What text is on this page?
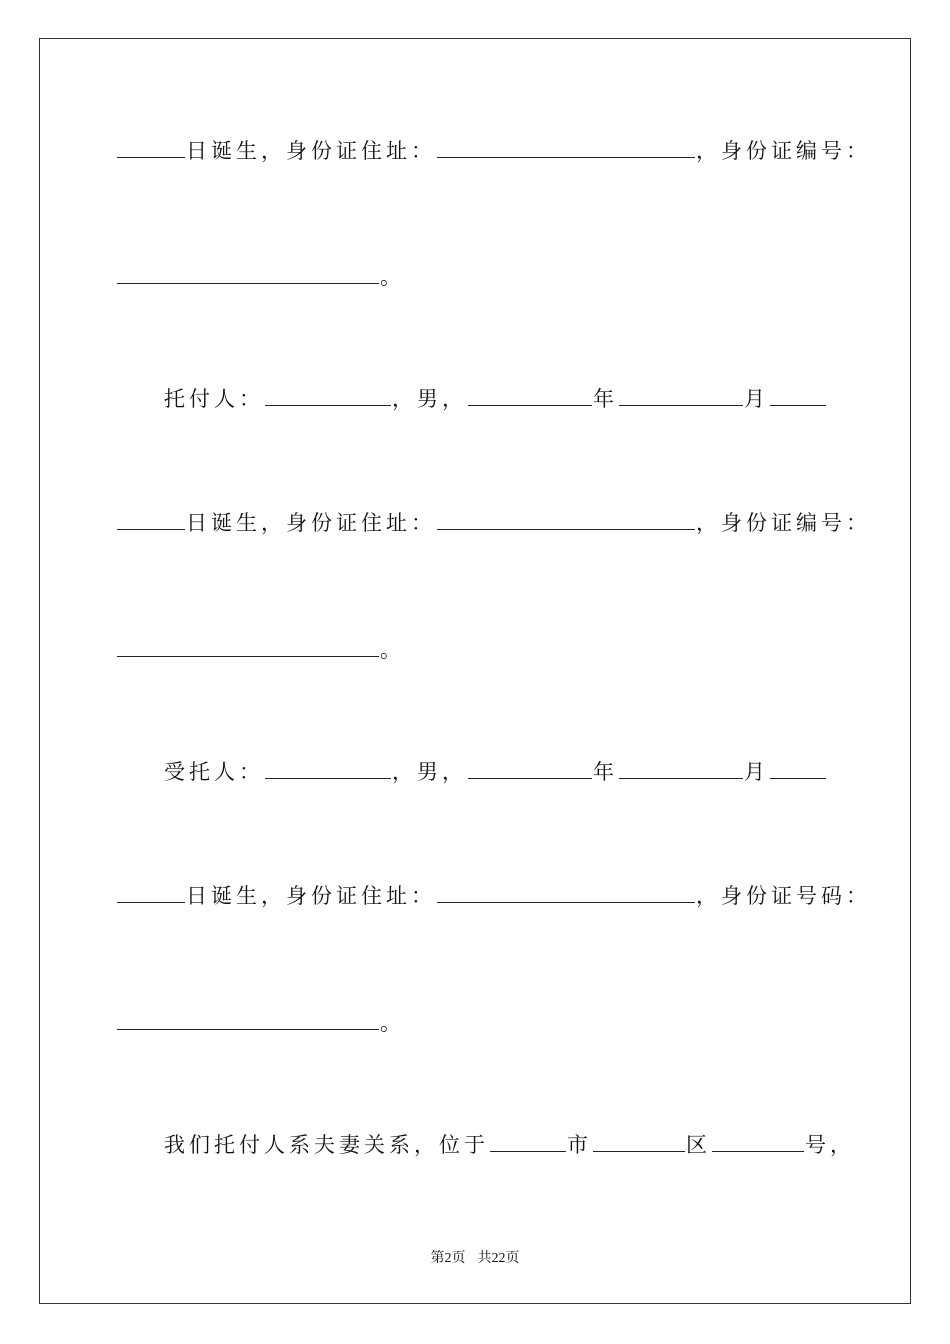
日诞生，身份证住址：	，身份证编号：
。
托付人：	，男，	年	月
日诞生，身份证住址：	，身份证编号：
。
受托人：	，男，	年	月
日诞生，身份证住址：	，身份证号码：
。
我们托付人系夫妻关系，位于	市	区	号，
第2页 共22页
